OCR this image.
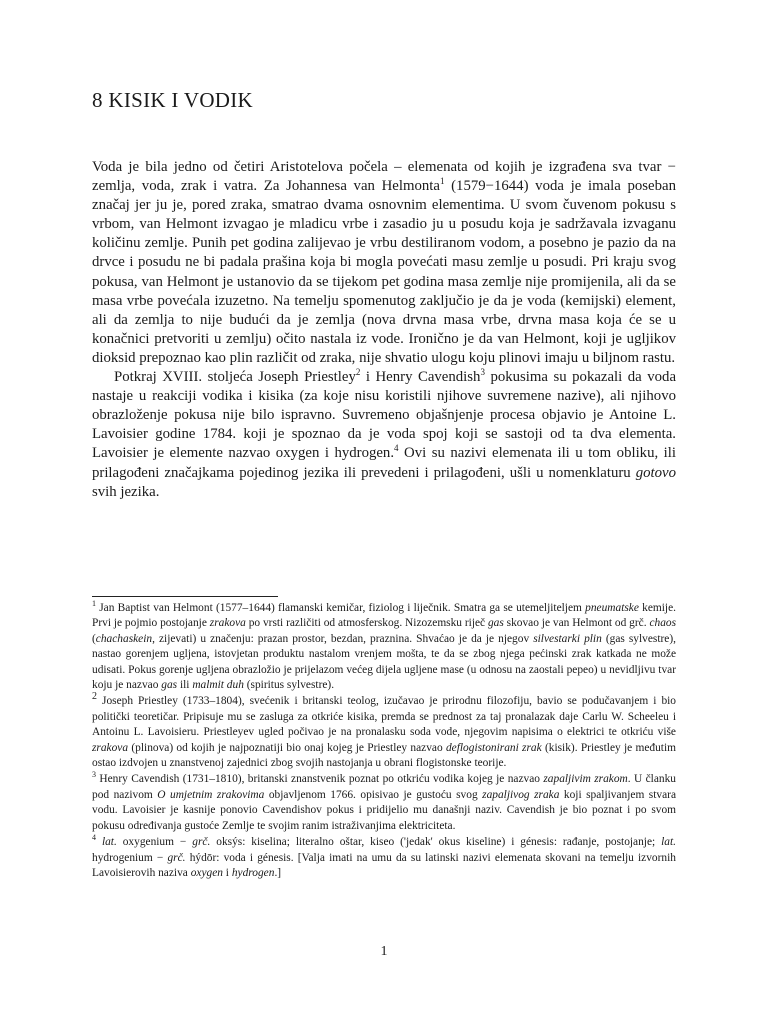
8 KISIK I VODIK

Voda je bila jedno od četiri Aristotelova počela – elemenata od kojih je izgrađena sva tvar − zemlja, voda, zrak i vatra. Za Johannesa van Helmonta$^1$ (1579−1644) voda je imala poseban značaj jer ju je, pored zraka, smatrao dvama osnovnim elementima. U svom čuvenom pokusu s vrbom, van Helmont izvagao je mladicu vrbe i zasadio ju u posudu koja je sadržavala izvaganu količinu zemlje. Punih pet godina zalijevao je vrbu destiliranom vodom, a posebno je pazio da na drvce i posudu ne bi padala prašina koja bi mogla povećati masu zemlje u posudi. Pri kraju svog pokusa, van Helmont je ustanovio da se tijekom pet godina masa zemlje nije promijenila, ali da se masa vrbe povećala izuzetno. Na temelju spomenutog zaključio je da je voda (kemijski) element, ali da zemlja to nije budući da je zemlja (nova drvna masa vrbe, drvna masa koja će se u konačnici pretvoriti u zemlju) očito nastala iz vode. Ironično je da van Helmont, koji je ugljikov dioksid prepoznao kao plin različit od zraka, nije shvatio ulogu koju plinovi imaju u biljnom rastu.

Potkraj XVIII. stoljeća Joseph Priestley$^2$ i Henry Cavendish$^3$ pokusima su pokazali da voda nastaje u reakciji vodika i kisika (za koje nisu koristili njihove suvremene nazive), ali njihovo obrazloženje pokusa nije bilo ispravno. Suvremeno objašnjenje procesa objavio je Antoine L. Lavoisier godine 1784. koji je spoznao da je voda spoj koji se sastoji od ta dva elementa. Lavoisier je elemente nazvao oxygen i hydrogen.$^4$ Ovi su nazivi elemenata ili u tom obliku, ili prilagođeni značajkama pojedinog jezika ili prevedeni i prilagođeni, ušli u nomenklaturu gotovo svih jezika.

$^1$ Jan Baptist van Helmont (1577–1644) flamanski kemičar, fiziolog i liječnik. Smatra ga se utemeljiteljem pneumatske kemije. Prvi je pojmio postojanje zrakova po vrsti različiti od atmosferskog. Nizozemsku riječ gas skovao je van Helmont od grč. chaos (chachaskein, zijevati) u značenju: prazan prostor, bezdan, praznina. Shvaćao je da je njegov silvestarki plin (gas sylvestre), nastao gorenjem ugljena, istovjetan produktu nastalom vrenjem mošta, te da se zbog njega pećinski zrak katkada ne može udisati. Pokus gorenje ugljena obrazložio je prijelazom većeg dijela ugljene mase (u odnosu na zaostali pepeo) u nevidljivu tvar koju je nazvao gas ili malmit duh (spiritus sylvestre).

2 Joseph Priestley (1733–1804), svećenik i britanski teolog, izučavao je prirodnu filozofiju, bavio se podučavanjem i bio politički teoretičar. Pripisuje mu se zasluga za otkriće kisika, premda se prednost za taj pronalazak daje Carlu W. Scheeleu i Antoinu L. Lavoisieru. Priestleyev ugled počivao je na pronalasku soda vode, njegovim napisima o elektrici te otkriću više zrakova (plinova) od kojih je najpoznatiji bio onaj kojeg je Priestley nazvao deflogistonirani zrak (kisik). Priestley je međutim ostao izdvojen u znanstvenoj zajednici zbog svojih nastojanja u obrani flogistonske teorije.

$^3$ Henry Cavendish (1731–1810), britanski znanstvenik poznat po otkriću vodika kojeg je nazvao zapaljivim zrakom. U članku pod nazivom O umjetnim zrakovima objavljenom 1766. opisivao je gustoću svog zapaljivog zraka koji spaljivanjem stvara vodu. Lavoisier je kasnije ponovio Cavendishov pokus i pridijelio mu današnji naziv. Cavendish je bio poznat i po svom pokusu određivanja gustoće Zemlje te svojim ranim istraživanjima elektriciteta.

$^4$ lat. oxygenium − grč. oksýs: kiselina; literalno oštar, kiseo ('jedak' okus kiseline) i génesis: rađanje, postojanje; lat. hydrogenium − grč. hýdōr: voda i génesis. [Valja imati na umu da su latinski nazivi elemenata skovani na temelju izvornih Lavoisierovih naziva oxygen i hydrogen.]

1
